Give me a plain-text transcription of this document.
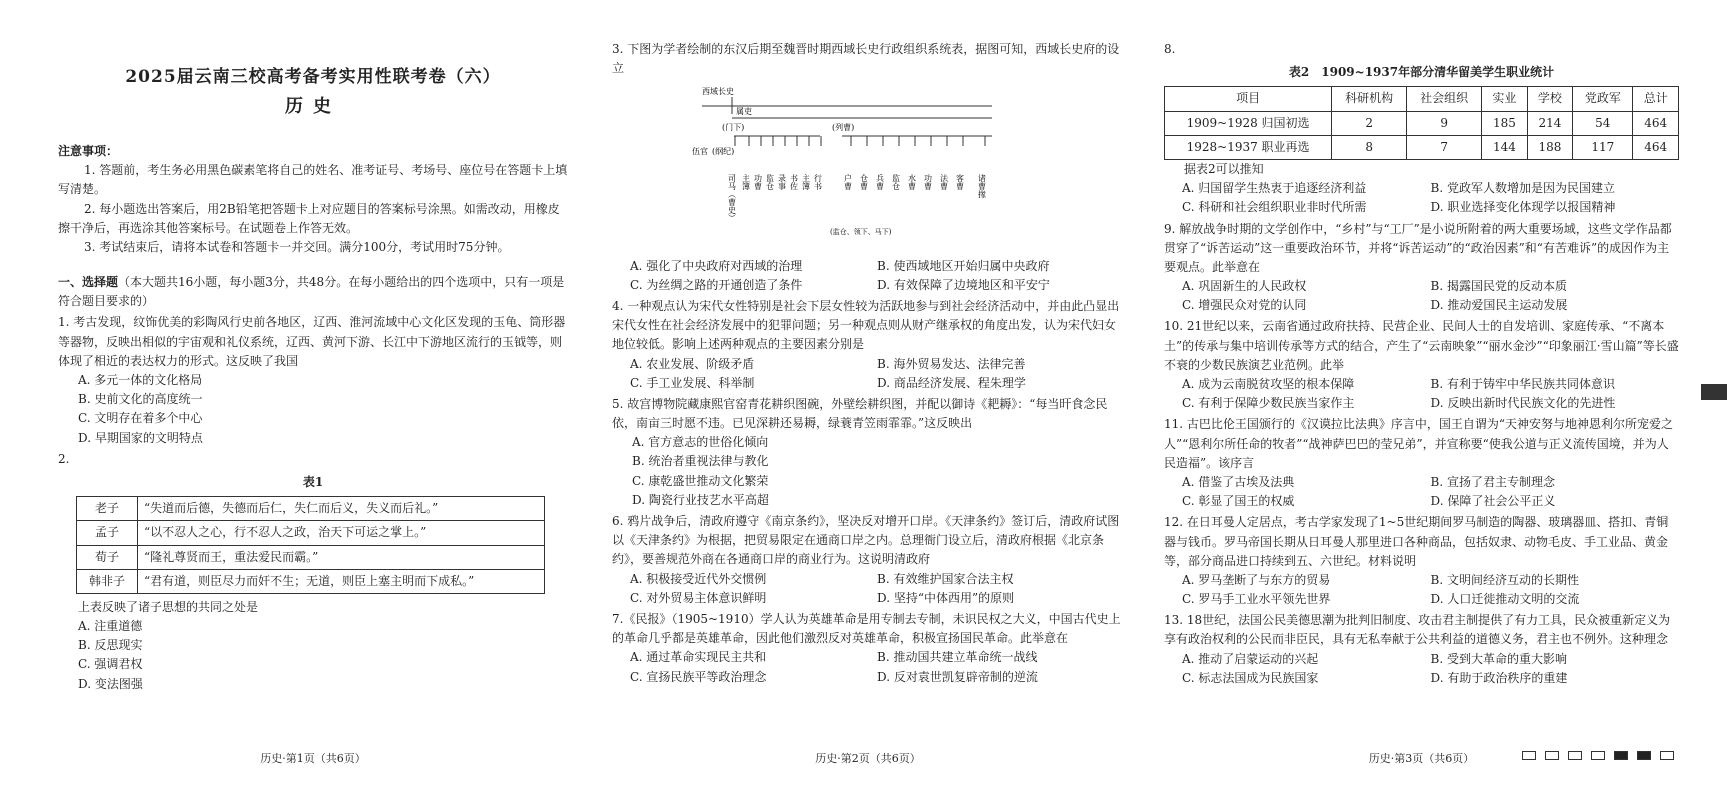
2025届云南三校高考备考实用性联考卷（六）
历史
注意事项：

1. 答题前，考生务必用黑色碳素笔将自己的姓名、准考证号、考场号、座位号在答题卡上填写清楚。

2. 每小题选出答案后，用2B铅笔把答题卡上对应题目的答案标号涂黑。如需改动，用橡皮擦干净后，再选涂其他答案标号。在试题卷上作答无效。

3. 考试结束后，请将本试卷和答题卡一并交回。满分100分，考试用时75分钟。

一、选择题（本大题共16小题，每小题3分，共48分。在每小题给出的四个选项中，只有一项是符合题目要求的）
1. 考古发现，纹饰优美的彩陶风行史前各地区，辽西、淮河流域中心文化区发现的玉龟、筒形器等器物，反映出相似的宇宙观和礼仪系统，辽西、黄河下游、长江中下游地区流行的玉钺等，则体现了相近的表达权力的形式。这反映了我国
A. 多元一体的文化格局
B. 史前文化的高度统一
C. 文明存在着多个中心
D. 早期国家的文明特点
2.
表1
老子	“失道而后德，失德而后仁，失仁而后义，失义而后礼。”
孟子	“以不忍人之心，行不忍人之政，治天下可运之掌上。”
荀子	“隆礼尊贤而王，重法爱民而霸。”
韩非子	“君有道，则臣尽力而奸不生；无道，则臣上塞主明而下成私。”
上表反映了诸子思想的共同之处是
A. 注重道德
B. 反思现实
C. 强调君权
D. 变法图强
历史·第1页（共6页）
3. 下图为学者绘制的东汉后期至魏晋时期西域长史行政组织系统表，据图可知，西域长史府的设立
西域长史
属吏
(门下)	(列曹)
伍官 (纲纪)
司马（曹史） 主簿 功曹 监仓 录事 书佐 主簿 行书
(监仓、领下、马下)
户曹 仓曹 兵曹 监仓 水曹 功曹 法曹 客曹 诸曹掾
A. 强化了中央政府对西域的治理	B. 使西域地区开始归属中央政府
C. 为丝绸之路的开通创造了条件	D. 有效保障了边境地区和平安宁
4. 一种观点认为宋代女性特别是社会下层女性较为活跃地参与到社会经济活动中，并由此凸显出宋代女性在社会经济发展中的犯罪问题；另一种观点则从财产继承权的角度出发，认为宋代妇女地位较低。影响上述两种观点的主要因素分别是
A. 农业发展、阶级矛盾	B. 海外贸易发达、法律完善
C. 手工业发展、科举制	D. 商品经济发展、程朱理学
5. 故宫博物院藏康熙官窑青花耕织图碗，外壁绘耕织图，并配以御诗《耙耨》：“每当旰食念民依，南亩三时愿不违。已见深耕还易耨，绿蓑青笠雨霏霏。”这反映出
A. 官方意志的世俗化倾向
B. 统治者重视法律与教化
C. 康乾盛世推动文化繁荣
D. 陶瓷行业技艺水平高超
6. 鸦片战争后，清政府遵守《南京条约》，坚决反对增开口岸。《天津条约》签订后，清政府试图以《天津条约》为根据，把贸易限定在通商口岸之内。总理衙门设立后，清政府根据《北京条约》，要善规范外商在各通商口岸的商业行为。这说明清政府
A. 积极接受近代外交惯例	B. 有效维护国家合法主权
C. 对外贸易主体意识鲜明	D. 坚持“中体西用”的原则
7.《民报》（1905~1910）学人认为英雄革命是用专制去专制，未识民权之大义，中国古代史上的革命几乎都是英雄革命，因此他们激烈反对英雄革命，积极宣扬国民革命。此举意在
A. 通过革命实现民主共和	B. 推动国共建立革命统一战线
C. 宣扬民族平等政治理念	D. 反对袁世凯复辟帝制的逆流
历史·第2页（共6页）
8.
表2　1909~1937年部分清华留美学生职业统计
项目	科研机构	社会组织	实业	学校	党政军	总计
1909~1928 归国初选	2	9	185	214	54	464
1928~1937 职业再选	8	7	144	188	117	464
据表2可以推知
A. 归国留学生热衷于追逐经济利益	B. 党政军人数增加是因为民国建立
C. 科研和社会组织职业非时代所需	D. 职业选择变化体现学以报国精神
9. 解放战争时期的文学创作中，“乡村”与“工厂”是小说所附着的两大重要场域，这些文学作品都贯穿了“诉苦运动”这一重要政治环节，并将“诉苦运动”的“政治因素”和“有苦难诉”的成因作为主要观点。此举意在
A. 巩固新生的人民政权	B. 揭露国民党的反动本质
C. 增强民众对党的认同	D. 推动爱国民主运动发展
10. 21世纪以来，云南省通过政府扶持、民营企业、民间人士的自发培训、家庭传承、“不离本土”的传承与集中培训传承等方式的结合，产生了“云南映象”“丽水金沙”“印象丽江·雪山篇”等长盛不衰的少数民族演艺业范例。此举
A. 成为云南脱贫攻坚的根本保障	B. 有利于铸牢中华民族共同体意识
C. 有利于保障少数民族当家作主	D. 反映出新时代民族文化的先进性
11. 古巴比伦王国颁行的《汉谟拉比法典》序言中，国王自谓为“天神安努与地神恩利尔所宠爱之人”“恩利尔所任命的牧者”“战神萨巴巴的莹兄弟”，并宣称要“使我公道与正义流传国境，并为人民造福”。该序言
A. 借鉴了古埃及法典	B. 宣扬了君主专制理念
C. 彰显了国王的权威	D. 保障了社会公平正义
12. 在日耳曼人定居点，考古学家发现了1~5世纪期间罗马制造的陶器、玻璃器皿、搭扣、青铜器与钱币。罗马帝国长期从日耳曼人那里进口各种商品，包括奴隶、动物毛皮、手工业品、黄金等，部分商品进口持续到五、六世纪。材料说明
A. 罗马垄断了与东方的贸易	B. 文明间经济互动的长期性
C. 罗马手工业水平领先世界	D. 人口迁徙推动文明的交流
13. 18世纪，法国公民美德思潮为批判旧制度、攻击君主制提供了有力工具，民众被重新定义为享有政治权利的公民而非臣民，具有无私奉献于公共利益的道德义务，君主也不例外。这种理念
A. 推动了启蒙运动的兴起	B. 受到大革命的重大影响
C. 标志法国成为民族国家	D. 有助于政治秩序的重建
历史·第3页（共6页）
